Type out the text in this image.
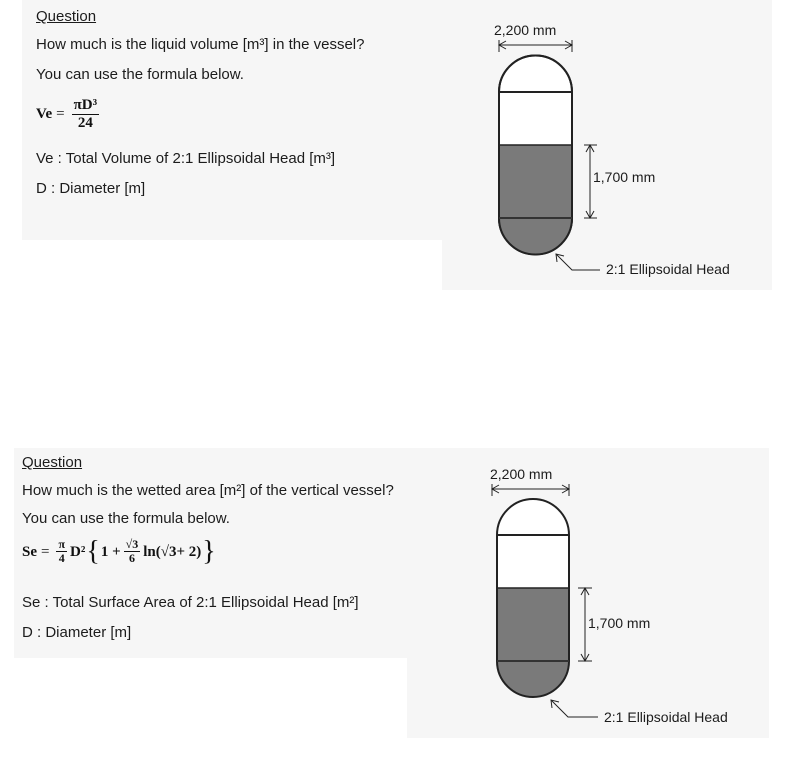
Question
How much is the liquid volume [m³] in the vessel?
You can use the formula below.
$Ve = \frac{\text{πD³}}{24}$
Ve : Total Volume of 2:1 Ellipsoidal Head [m³]
D : Diameter [m]
2,200 mm
1,700 mm
2:1 Ellipsoidal Head
Question
How much is the wetted area [m²] of the vertical vessel?
You can use the formula below.
$Se = \frac{\pi}{4} D^2$ { $1 + \frac{√3}{6} \ln$( √3 + 2) }
Se : Total Surface Area of 2:1 Ellipsoidal Head [m²]
D : Diameter [m]
2,200 mm
1,700 mm
2:1 Ellipsoidal Head
